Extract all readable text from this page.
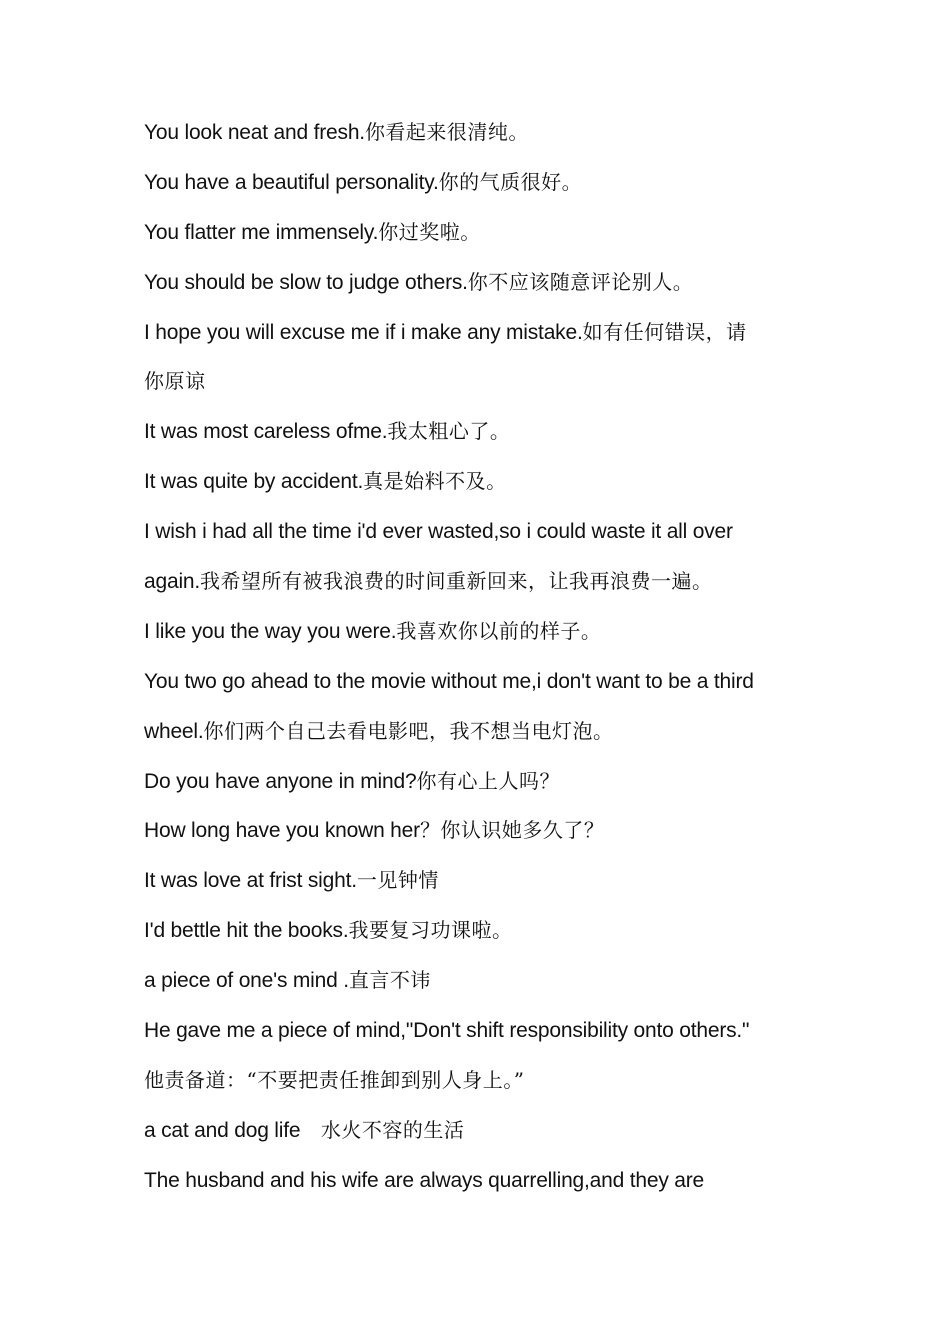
You look neat and fresh.你看起来很清纯。
You have a beautiful personality.你的气质很好。
You flatter me immensely.你过奖啦。
You should be slow to judge others.你不应该随意评论别人。
I hope you will excuse me if i make any mistake.如有任何错误，请
你原谅
It was most careless ofme.我太粗心了。
It was quite by accident.真是始料不及。
I wish i had all the time i'd ever wasted,so i could waste it all over
again.我希望所有被我浪费的时间重新回来，让我再浪费一遍。
I like you the way you were.我喜欢你以前的样子。
You two go ahead to the movie without me,i don't want to be a third
wheel.你们两个自己去看电影吧，我不想当电灯泡。
Do you have anyone in mind?你有心上人吗？
How long have you known her？你认识她多久了？
It was love at frist sight.一见钟情
I'd bettle hit the books.我要复习功课啦。
a piece of one's mind .直言不讳
He gave me a piece of mind,"Don't shift responsibility onto others."
他责备道：“不要把责任推卸到别人身上。”
a cat and dog life　水火不容的生活
The husband and his wife are always quarrelling,and they are
